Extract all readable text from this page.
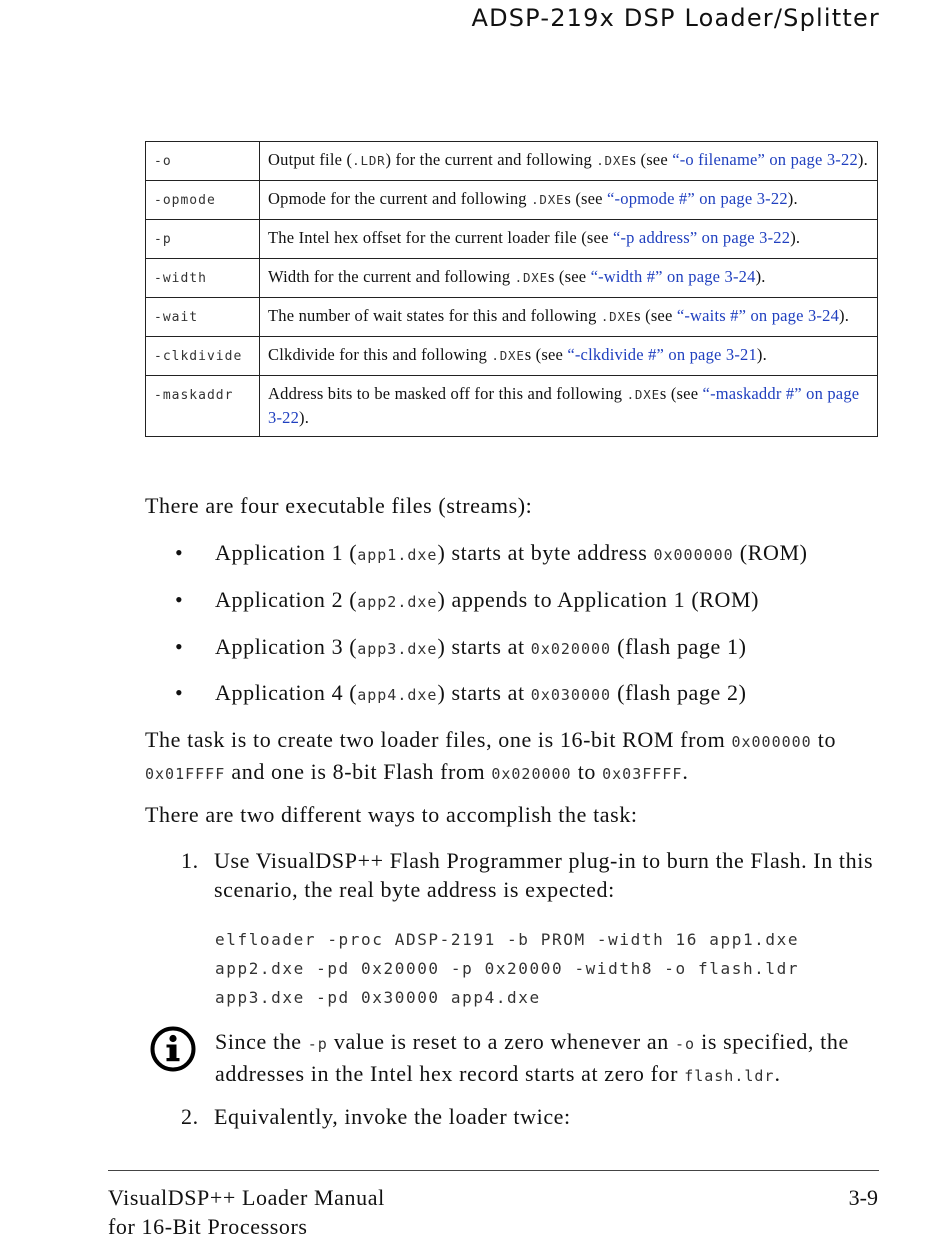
ADSP-219x DSP Loader/Splitter
-o	Output file (.LDR) for the current and following .DXEs (see “-o filename” on page 3-22).
-opmode	Opmode for the current and following .DXEs (see “-opmode #” on page 3-22).
-p	The Intel hex offset for the current loader file (see “-p address” on page 3-22).
-width	Width for the current and following .DXEs (see “-width #” on page 3-24).
-wait	The number of wait states for this and following .DXEs (see “-waits #” on page 3-24).
-clkdivide	Clkdivide for this and following .DXEs (see “-clkdivide #” on page 3-21).
-maskaddr	Address bits to be masked off for this and following .DXEs (see “-maskaddr #” on page 3-22).
There are four executable files (streams):
• Application 1 (app1.dxe) starts at byte address 0x000000 (ROM)
• Application 2 (app2.dxe) appends to Application 1 (ROM)
• Application 3 (app3.dxe) starts at 0x020000 (flash page 1)
• Application 4 (app4.dxe) starts at 0x030000 (flash page 2)
The task is to create two loader files, one is 16-bit ROM from 0x000000 to 0x01FFFF and one is 8-bit Flash from 0x020000 to 0x03FFFF.
There are two different ways to accomplish the task:
1. Use VisualDSP++ Flash Programmer plug-in to burn the Flash. In this scenario, the real byte address is expected:
elfloader -proc ADSP-2191 -b PROM -width 16 app1.dxe
app2.dxe -pd 0x20000 -p 0x20000 -width8 -o flash.ldr
app3.dxe -pd 0x30000 app4.dxe
Since the -p value is reset to a zero whenever an -o is specified, the addresses in the Intel hex record starts at zero for flash.ldr.
2. Equivalently, invoke the loader twice:
VisualDSP++ Loader Manual
for 16-Bit Processors
3-9
